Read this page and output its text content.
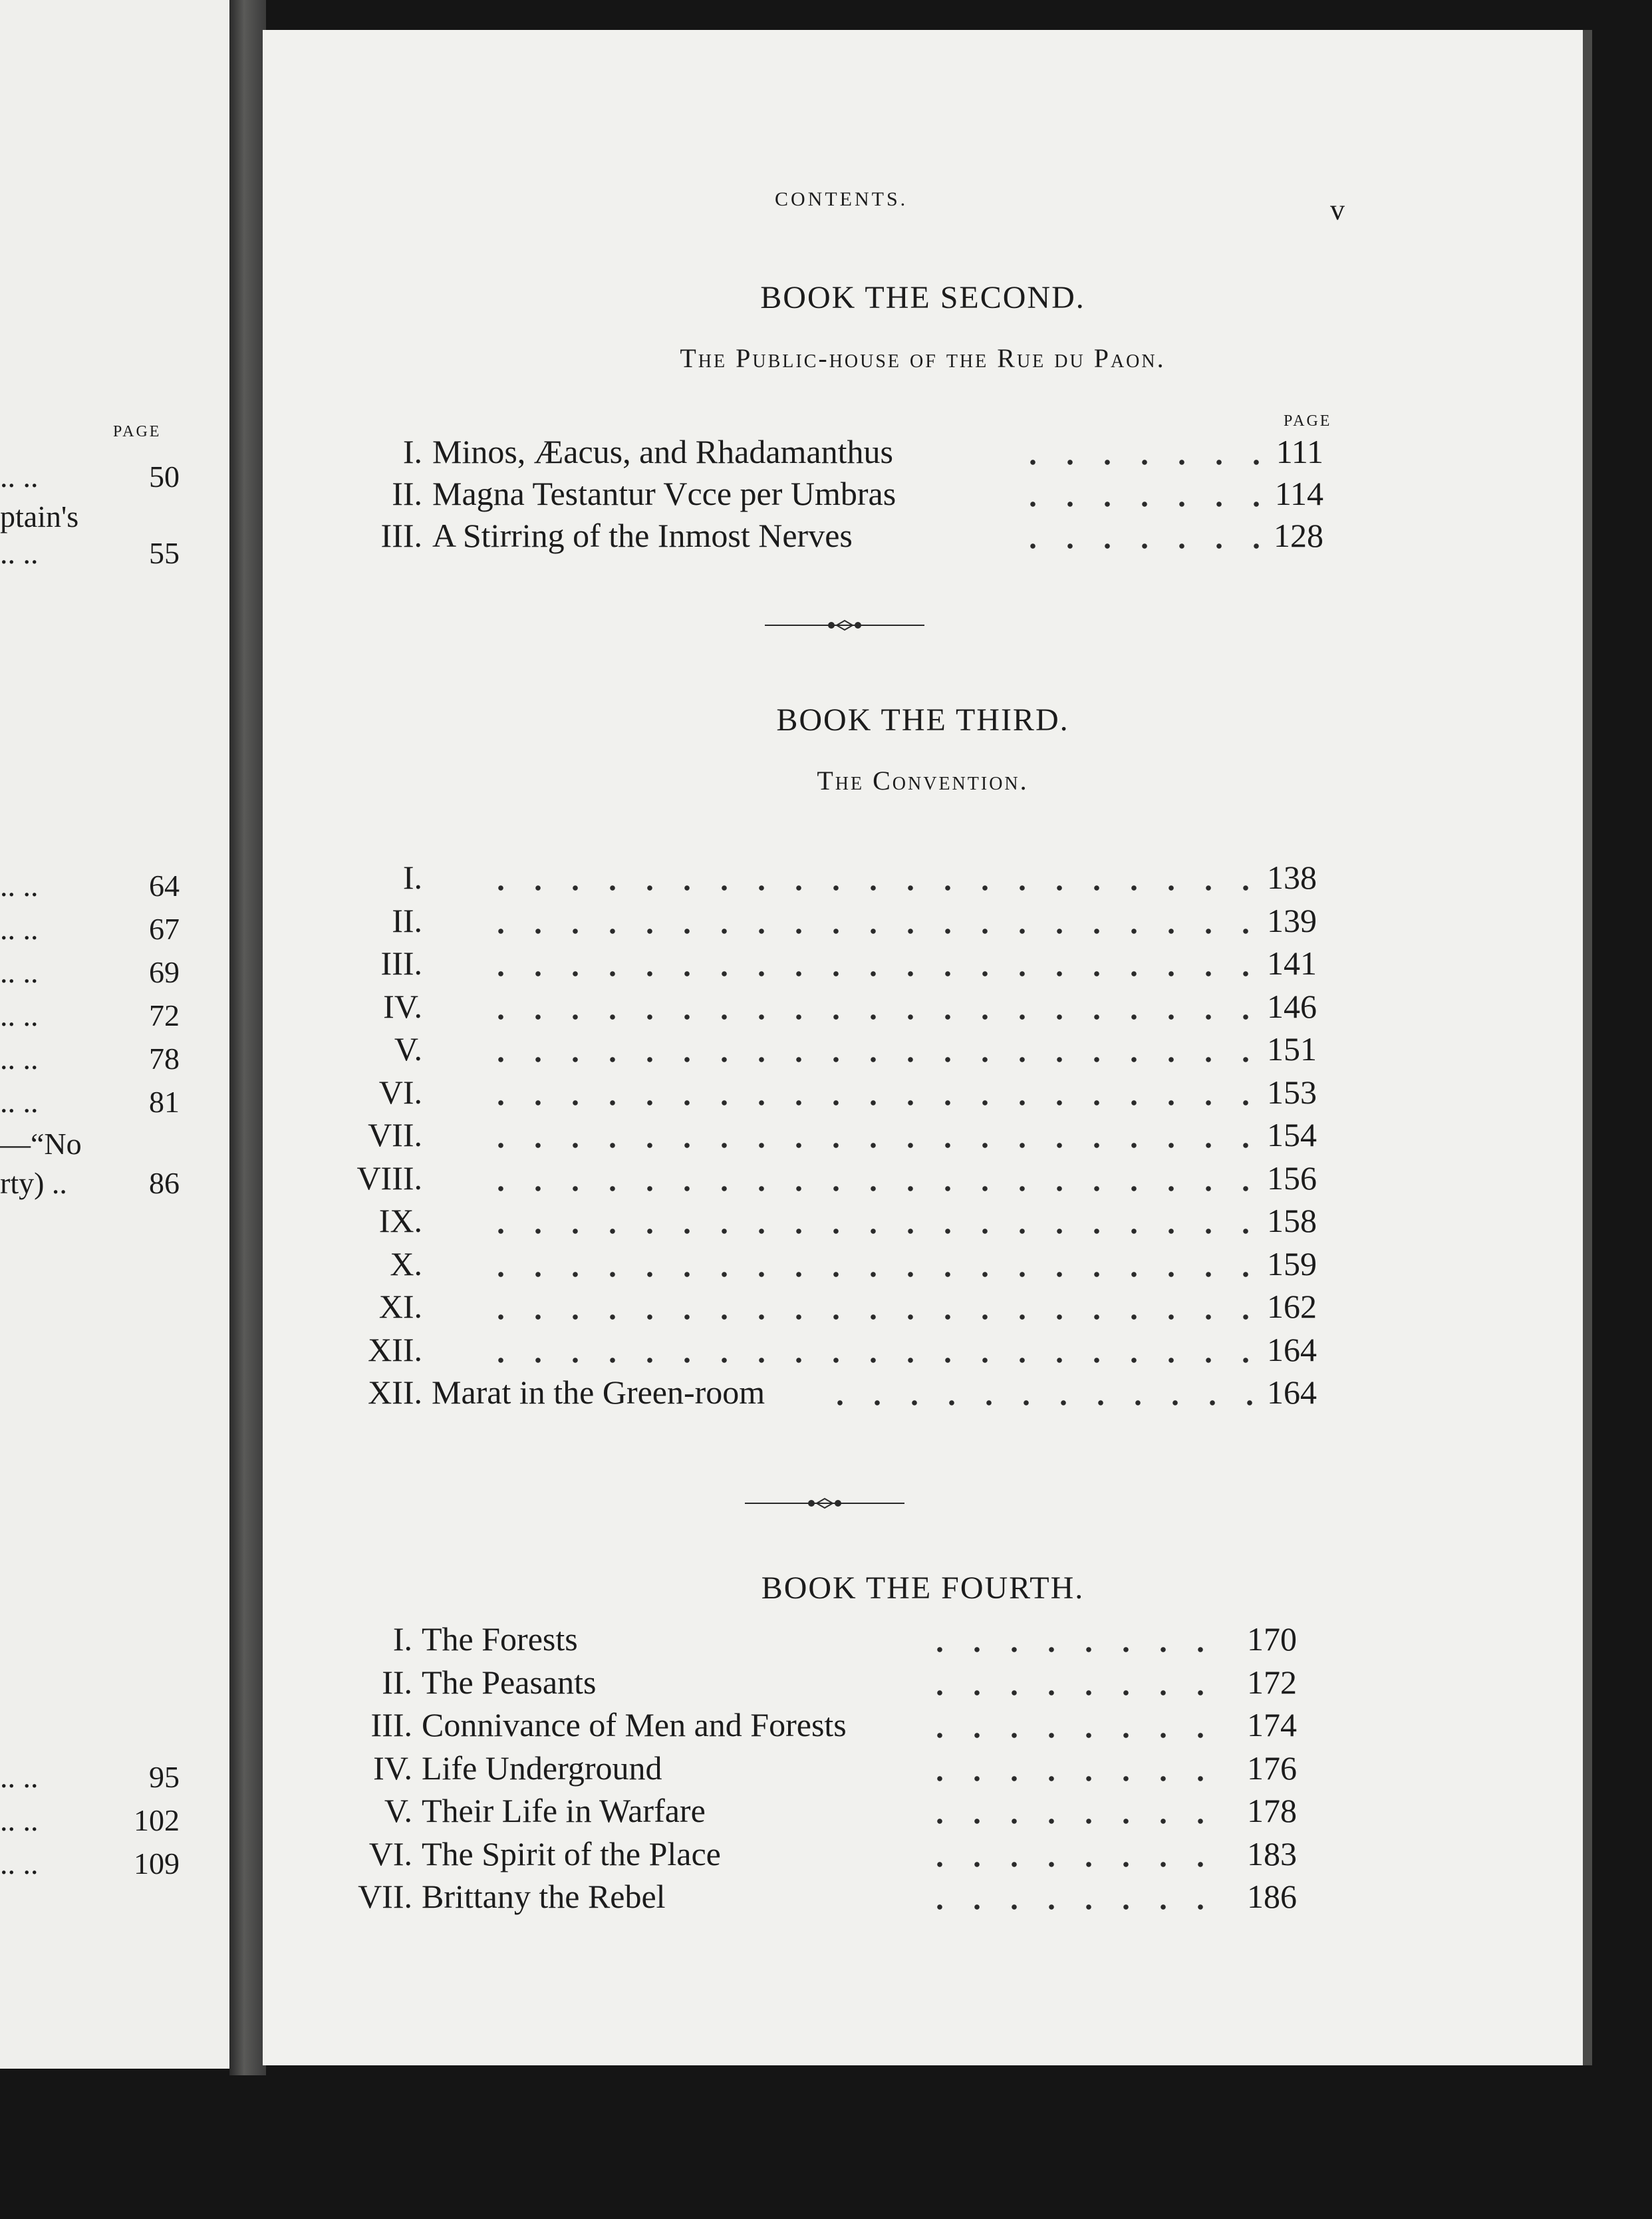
PAGE
.. ..	50
ptain's
.. ..	55
.. ..	64
.. ..	67
.. ..	69
.. ..	72
.. ..	78
.. ..	81
—“No
rty) ..	86
.. ..	95
.. ..	102
.. ..	109
CONTENTS.	v
BOOK THE SECOND.
The Public-house of the Rue du Paon.
PAGE
I. Minos, Æacus, and Rhadamanthus	111
II. Magna Testantur Vcce per Umbras	114
III. A Stirring of the Inmost Nerves	128
BOOK THE THIRD.
The Convention.
I.	138
II.	139
III.	141
IV.	146
V.	151
VI.	153
VII.	154
VIII.	156
IX.	158
X.	159
XI.	162
XII.	164
XII. Marat in the Green-room	164
BOOK THE FOURTH.
I. The Forests	170
II. The Peasants	172
III. Connivance of Men and Forests	174
IV. Life Underground	176
V. Their Life in Warfare	178
VI. The Spirit of the Place	183
VII. Brittany the Rebel	186
